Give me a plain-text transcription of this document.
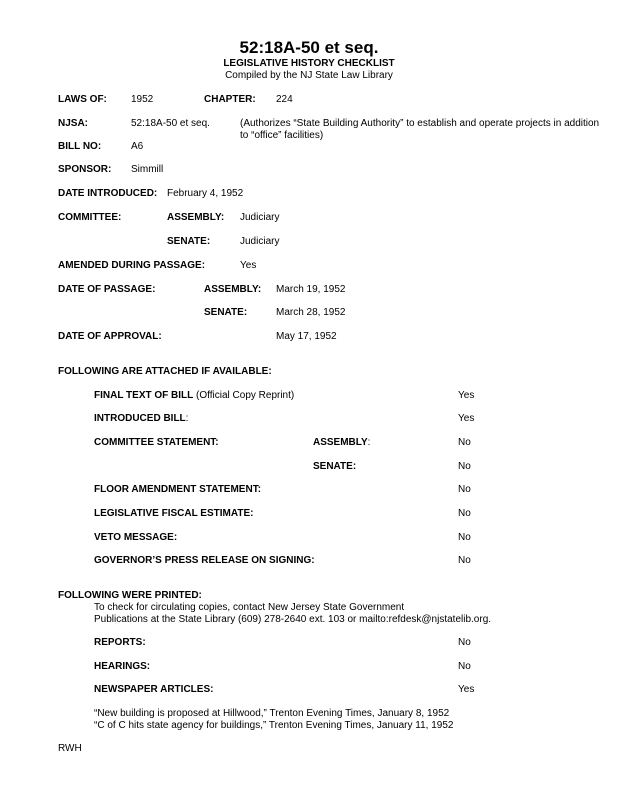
52:18A-50 et seq.
LEGISLATIVE HISTORY CHECKLIST
Compiled by the NJ State Law Library
LAWS OF: 1952	CHAPTER: 224
NJSA:	52:18A-50 et seq.	(Authorizes “State Building Authority” to establish and operate projects in addition to “office” facilities)
BILL NO:	A6
SPONSOR: Simmill
DATE INTRODUCED: February 4, 1952
COMMITTEE:	ASSEMBLY: Judiciary
SENATE:	Judiciary
AMENDED DURING PASSAGE:	Yes
DATE OF PASSAGE:	ASSEMBLY: March 19, 1952
SENATE:	March 28, 1952
DATE OF APPROVAL:	May 17, 1952
FOLLOWING ARE ATTACHED IF AVAILABLE:
FINAL TEXT OF BILL (Official Copy Reprint)	Yes
INTRODUCED BILL:	Yes
COMMITTEE STATEMENT:	ASSEMBLY:	No
SENATE:	No
FLOOR AMENDMENT STATEMENT:	No
LEGISLATIVE FISCAL ESTIMATE:	No
VETO MESSAGE:	No
GOVERNOR’S PRESS RELEASE ON SIGNING:	No
FOLLOWING WERE PRINTED:
To check for circulating copies, contact New Jersey State Government
Publications at the State Library (609) 278-2640 ext. 103 or mailto:refdesk@njstatelib.org.
REPORTS:	No
HEARINGS:	No
NEWSPAPER ARTICLES:	Yes
“New building is proposed at Hillwood,” Trenton Evening Times, January 8, 1952
“C of C hits state agency for buildings,” Trenton Evening Times, January 11, 1952
RWH
